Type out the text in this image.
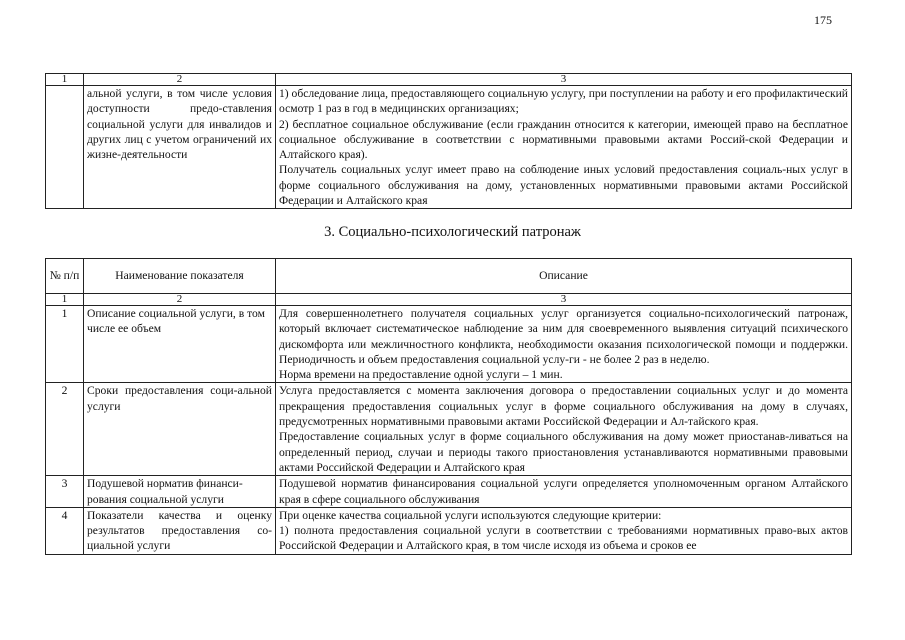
175
1	2	3
	альной услуги, в том числе условия доступности предо-ставления социальной услуги для инвалидов и других лиц с учетом ограничений их жизне-деятельности	1) обследование лица, предоставляющего социальную услугу, при поступлении на работу и его профилактический осмотр 1 раз в год в медицинских организациях;
2) бесплатное социальное обслуживание (если гражданин относится к категории, имеющей право на бесплатное социальное обслуживание в соответствии с нормативными правовыми актами Россий-ской Федерации и Алтайского края).
Получатель социальных услуг имеет право на соблюдение иных условий предоставления социаль-ных услуг в форме социального обслуживания на дому, установленных нормативными правовыми актами Российской Федерации и Алтайского края
3. Социально-психологический патронаж
№ п/п	Наименование показателя	Описание
1	2	3
1	Описание социальной услуги, в том числе ее объем	Для совершеннолетнего получателя социальных услуг организуется социально-психологический патронаж, который включает систематическое наблюдение за ним для своевременного выявления ситуаций психического дискомфорта или межличностного конфликта, необходимости оказания психологической помощи и поддержки. Периодичность и объем предоставления социальной услу-ги - не более 2 раз в неделю.
Норма времени на предоставление одной услуги – 1 мин.

2	Сроки предоставления соци-альной услуги	Услуга предоставляется с момента заключения договора о предоставлении социальных услуг и до момента прекращения предоставления социальных услуг в форме социального обслуживания на дому в случаях, предусмотренных нормативными правовыми актами Российской Федерации и Ал-тайского края.
Предоставление социальных услуг в форме социального обслуживания на дому может приостанав-ливаться на определенный период, случаи и периоды такого приостановления устанавливаются нормативными правовыми актами Российской Федерации и Алтайского края

3	Подушевой норматив финанси-рования социальной услуги	Подушевой норматив финансирования социальной услуги определяется уполномоченным органом Алтайского края в сфере социального обслуживания

4	Показатели качества и оценку результатов предоставления со-циальной услуги	При оценке качества социальной услуги используются следующие критерии:
1) полнота предоставления социальной услуги в соответствии с требованиями нормативных право-вых актов Российской Федерации и Алтайского края, в том числе исходя из объема и сроков ее
